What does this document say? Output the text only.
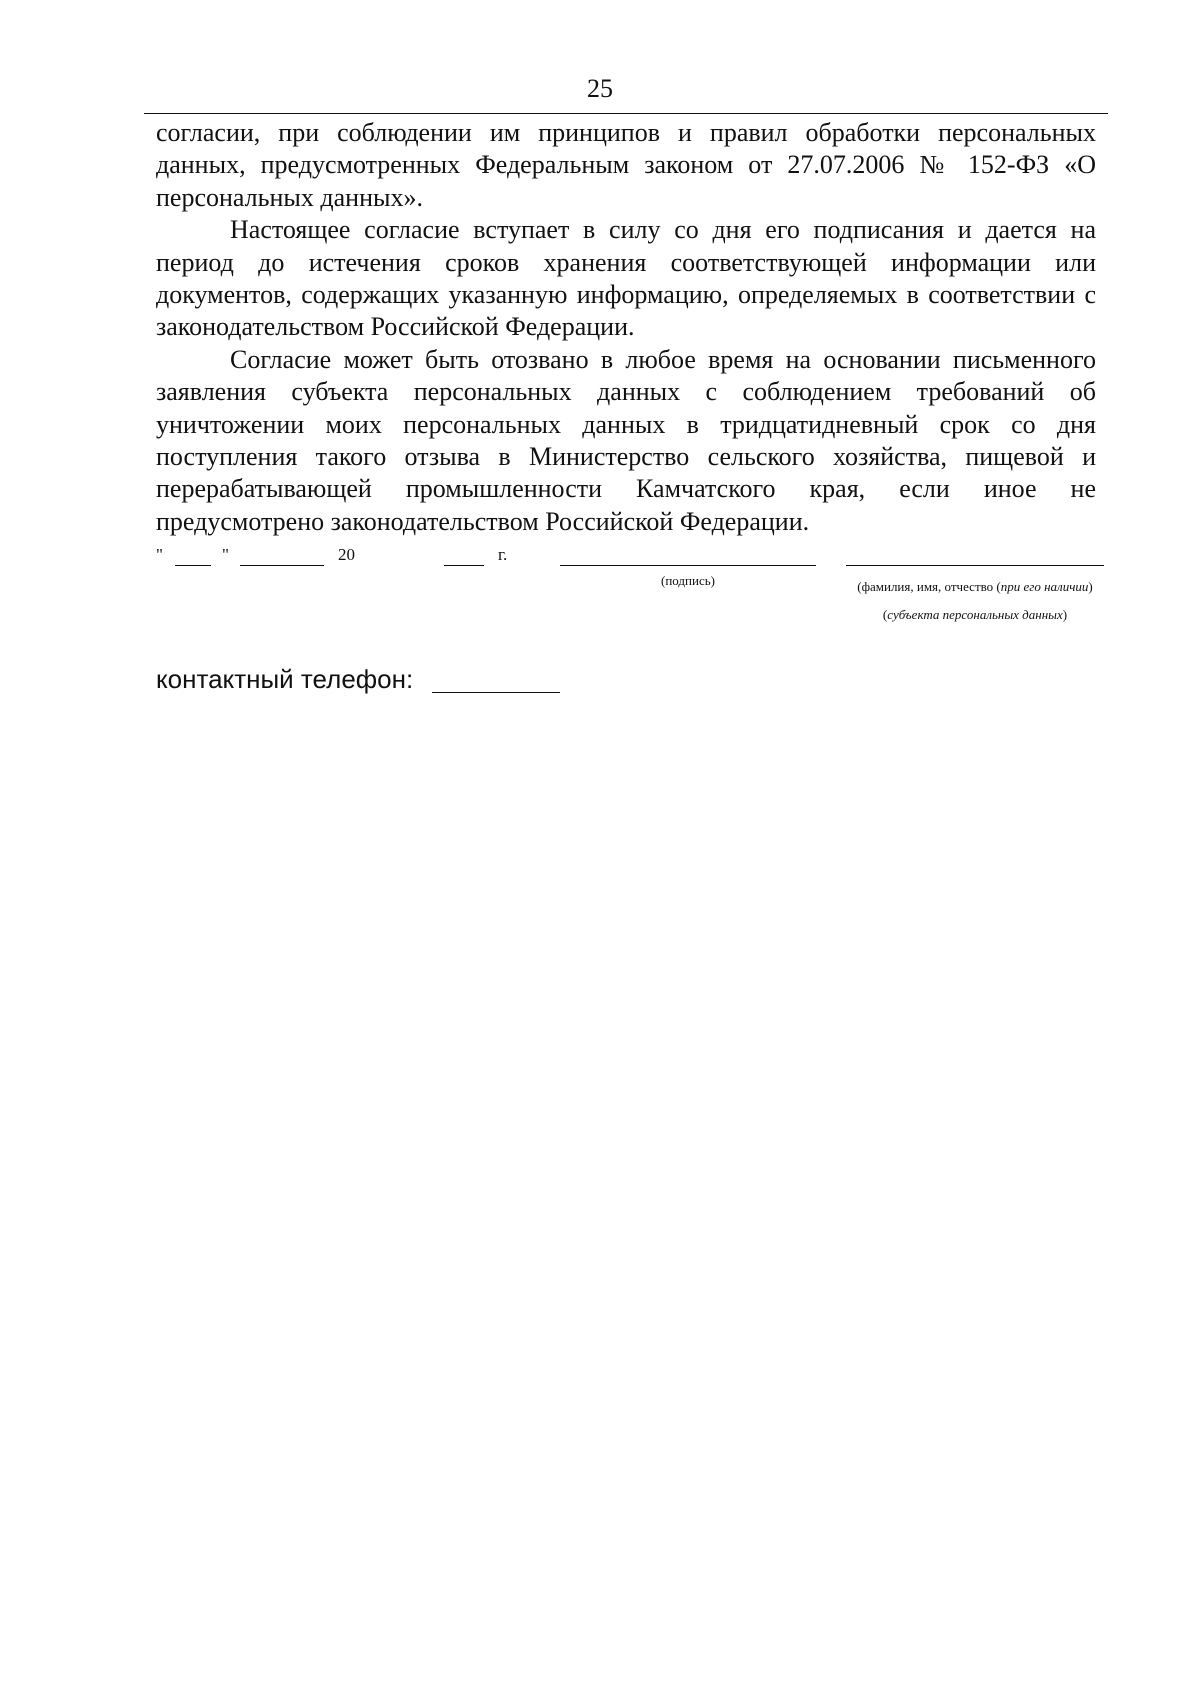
25

согласии, при соблюдении им принципов и правил обработки персональных данных, предусмотренных Федеральным законом от 27.07.2006 № 152-ФЗ «О персональных данных».

Настоящее согласие вступает в силу со дня его подписания и дается на период до истечения сроков хранения соответствующей информации или документов, содержащих указанную информацию, определяемых в соответствии с законодательством Российской Федерации.

Согласие может быть отозвано в любое время на основании письменного заявления субъекта персональных данных с соблюдением требований об уничтожении моих персональных данных в тридцатидневный срок со дня поступления такого отзыва в Министерство сельского хозяйства, пищевой и перерабатывающей промышленности Камчатского края, если иное не предусмотрено законодательством Российской Федерации.

"	"	20	г.
(подпись)	(фамилия, имя, отчество (при его наличии) (субъекта персональных данных)
контактный телефон:
